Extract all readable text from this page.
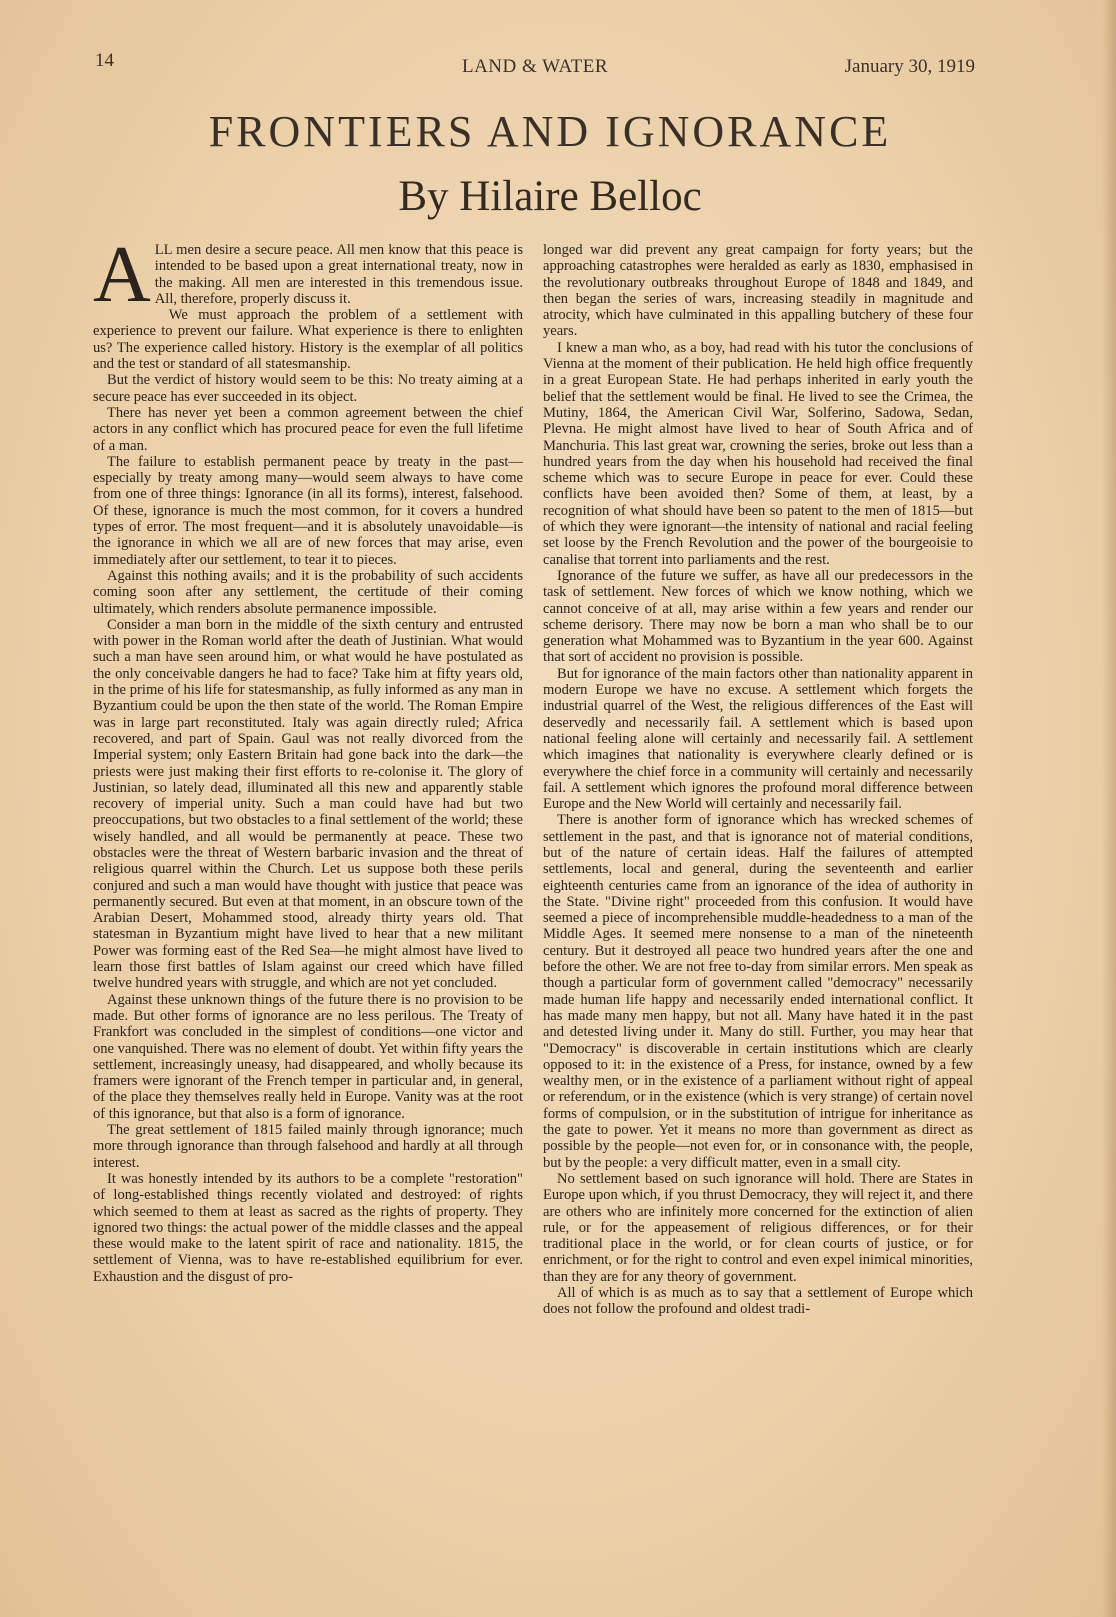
14	LAND & WATER	January 30, 1919
FRONTIERS AND IGNORANCE
By Hilaire Belloc
A LL men desire a secure peace. All men know that this peace is intended to be based upon a great international treaty, now in the making. All men are interested in this tremendous issue. All, therefore, properly discuss it.

We must approach the problem of a settlement with experience to prevent our failure. What experience is there to enlighten us? The experience called history. History is the exemplar of all politics and the test or standard of all statesmanship.

But the verdict of history would seem to be this: No treaty aiming at a secure peace has ever succeeded in its object.

There has never yet been a common agreement between the chief actors in any conflict which has procured peace for even the full lifetime of a man.

The failure to establish permanent peace by treaty in the past—especially by treaty among many—would seem always to have come from one of three things: Ignorance (in all its forms), interest, falsehood. Of these, ignorance is much the most common, for it covers a hundred types of error. The most frequent—and it is absolutely unavoidable—is the ignorance in which we all are of new forces that may arise, even immediately after our settlement, to tear it to pieces.

Against this nothing avails; and it is the probability of such accidents coming soon after any settlement, the certitude of their coming ultimately, which renders absolute permanence impossible.

Consider a man born in the middle of the sixth century and entrusted with power in the Roman world after the death of Justinian. What would such a man have seen around him, or what would he have postulated as the only conceivable dangers he had to face? Take him at fifty years old, in the prime of his life for statesmanship, as fully informed as any man in Byzantium could be upon the then state of the world. The Roman Empire was in large part reconstituted. Italy was again directly ruled; Africa recovered, and part of Spain. Gaul was not really divorced from the Imperial system; only Eastern Britain had gone back into the dark—the priests were just making their first efforts to re-colonise it. The glory of Justinian, so lately dead, illuminated all this new and apparently stable recovery of imperial unity. Such a man could have had but two preoccupations, but two obstacles to a final settlement of the world; these wisely handled, and all would be permanently at peace. These two obstacles were the threat of Western barbaric invasion and the threat of religious quarrel within the Church. Let us suppose both these perils conjured and such a man would have thought with justice that peace was permanently secured. But even at that moment, in an obscure town of the Arabian Desert, Mohammed stood, already thirty years old. That statesman in Byzantium might have lived to hear that a new militant Power was forming east of the Red Sea—he might almost have lived to learn those first battles of Islam against our creed which have filled twelve hundred years with struggle, and which are not yet concluded.

Against these unknown things of the future there is no provision to be made. But other forms of ignorance are no less perilous. The Treaty of Frankfort was concluded in the simplest of conditions—one victor and one vanquished. There was no element of doubt. Yet within fifty years the settlement, increasingly uneasy, had disappeared, and wholly because its framers were ignorant of the French temper in particular and, in general, of the place they themselves really held in Europe. Vanity was at the root of this ignorance, but that also is a form of ignorance.

The great settlement of 1815 failed mainly through ignorance; much more through ignorance than through falsehood and hardly at all through interest.

It was honestly intended by its authors to be a complete "restoration" of long-established things recently violated and destroyed: of rights which seemed to them at least as sacred as the rights of property. They ignored two things: the actual power of the middle classes and the appeal these would make to the latent spirit of race and nationality. 1815, the settlement of Vienna, was to have re-established equilibrium for ever. Exhaustion and the disgust of pro-

longed war did prevent any great campaign for forty years; but the approaching catastrophes were heralded as early as 1830, emphasised in the revolutionary outbreaks throughout Europe of 1848 and 1849, and then began the series of wars, increasing steadily in magnitude and atrocity, which have culminated in this appalling butchery of these four years.

I knew a man who, as a boy, had read with his tutor the conclusions of Vienna at the moment of their publication. He held high office frequently in a great European State. He had perhaps inherited in early youth the belief that the settlement would be final. He lived to see the Crimea, the Mutiny, 1864, the American Civil War, Solferino, Sadowa, Sedan, Plevna. He might almost have lived to hear of South Africa and of Manchuria. This last great war, crowning the series, broke out less than a hundred years from the day when his household had received the final scheme which was to secure Europe in peace for ever. Could these conflicts have been avoided then? Some of them, at least, by a recognition of what should have been so patent to the men of 1815—but of which they were ignorant—the intensity of national and racial feeling set loose by the French Revolution and the power of the bourgeoisie to canalise that torrent into parliaments and the rest.

Ignorance of the future we suffer, as have all our predecessors in the task of settlement. New forces of which we know nothing, which we cannot conceive of at all, may arise within a few years and render our scheme derisory. There may now be born a man who shall be to our generation what Mohammed was to Byzantium in the year 600. Against that sort of accident no provision is possible.

But for ignorance of the main factors other than nationality apparent in modern Europe we have no excuse. A settlement which forgets the industrial quarrel of the West, the religious differences of the East will deservedly and necessarily fail. A settlement which is based upon national feeling alone will certainly and necessarily fail. A settlement which imagines that nationality is everywhere clearly defined or is everywhere the chief force in a community will certainly and necessarily fail. A settlement which ignores the profound moral difference between Europe and the New World will certainly and necessarily fail.

There is another form of ignorance which has wrecked schemes of settlement in the past, and that is ignorance not of material conditions, but of the nature of certain ideas. Half the failures of attempted settlements, local and general, during the seventeenth and earlier eighteenth centuries came from an ignorance of the idea of authority in the State. "Divine right" proceeded from this confusion. It would have seemed a piece of incomprehensible muddle-headedness to a man of the Middle Ages. It seemed mere nonsense to a man of the nineteenth century. But it destroyed all peace two hundred years after the one and before the other. We are not free to-day from similar errors. Men speak as though a particular form of government called "democracy" necessarily made human life happy and necessarily ended international conflict. It has made many men happy, but not all. Many have hated it in the past and detested living under it. Many do still. Further, you may hear that "Democracy" is discoverable in certain institutions which are clearly opposed to it: in the existence of a Press, for instance, owned by a few wealthy men, or in the existence of a parliament without right of appeal or referendum, or in the existence (which is very strange) of certain novel forms of compulsion, or in the substitution of intrigue for inheritance as the gate to power. Yet it means no more than government as direct as possible by the people—not even for, or in consonance with, the people, but by the people: a very difficult matter, even in a small city.

No settlement based on such ignorance will hold. There are States in Europe upon which, if you thrust Democracy, they will reject it, and there are others who are infinitely more concerned for the extinction of alien rule, or for the appeasement of religious differences, or for their traditional place in the world, or for clean courts of justice, or for enrichment, or for the right to control and even expel inimical minorities, than they are for any theory of government.

All of which is as much as to say that a settlement of Europe which does not follow the profound and oldest tradi-
